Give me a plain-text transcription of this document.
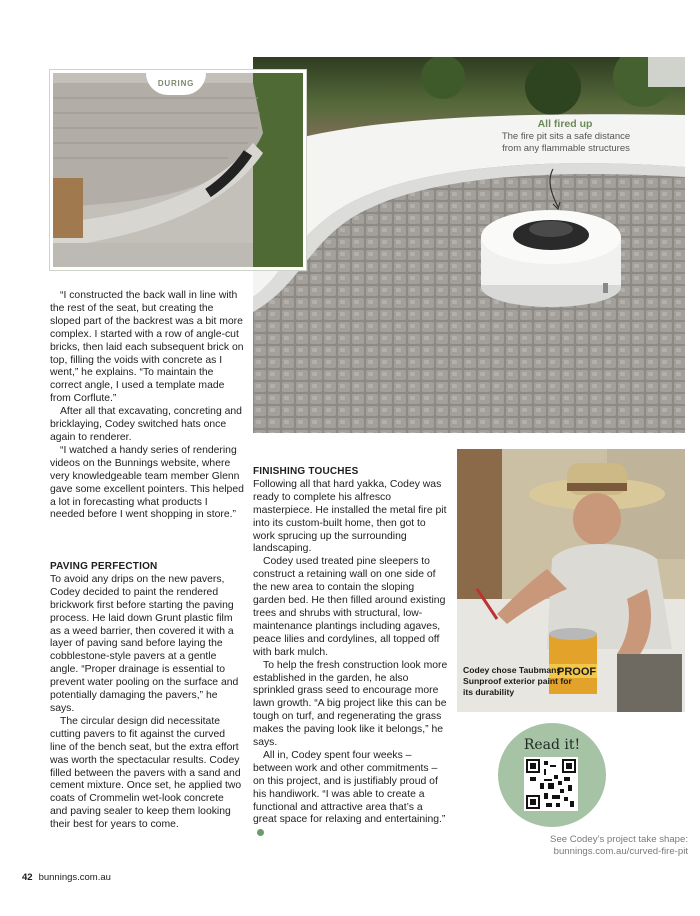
DURING
All fired up
The fire pit sits a safe distance from any flammable structures

“I constructed the back wall in line with the rest of the seat, but creating the sloped part of the backrest was a bit more complex. I started with a row of angle-cut bricks, then laid each subsequent brick on top, filling the voids with concrete as I went,” he explains. “To maintain the correct angle, I used a template made from Corflute.”

After all that excavating, concreting and bricklaying, Codey switched hats once again to renderer.

“I watched a handy series of rendering videos on the Bunnings website, where very knowledgeable team member Glenn gave some excellent pointers. This helped a lot in forecasting what products I needed before I went shopping in store.”

PAVING PERFECTION

To avoid any drips on the new pavers, Codey decided to paint the rendered brickwork first before starting the paving process. He laid down Grunt plastic film as a weed barrier, then covered it with a layer of paving sand before laying the cobblestone-style pavers at a gentle angle. “Proper drainage is essential to prevent water pooling on the surface and potentially damaging the pavers,” he says.

The circular design did necessitate cutting pavers to fit against the curved line of the bench seat, but the extra effort was worth the spectacular results. Codey filled between the pavers with a sand and cement mixture. Once set, he applied two coats of Crommelin wet-look concrete and paving sealer to keep them looking their best for years to come.

FINISHING TOUCHES

Following all that hard yakka, Codey was ready to complete his alfresco masterpiece. He installed the metal fire pit into its custom-built home, then got to work sprucing up the surrounding landscaping.

Codey used treated pine sleepers to construct a retaining wall on one side of the new area to contain the sloping garden bed. He then filled around existing trees and shrubs with structural, low-maintenance plantings including agaves, peace lilies and cordylines, all topped off with bark mulch.

To help the fresh construction look more established in the garden, he also sprinkled grass seed to encourage more lawn growth. “A big project like this can be tough on turf, and regenerating the grass makes the paving look like it belongs,” he says.

All in, Codey spent four weeks – between work and other commitments – on this project, and is justifiably proud of his handiwork. “I was able to create a functional and attractive area that’s a great space for relaxing and entertaining.”

PROOF
Codey chose Taubmans Sunproof exterior paint for its durability
Read it!
See Codey’s project take shape:
bunnings.com.au/curved-fire-pit
42 bunnings.com.au
